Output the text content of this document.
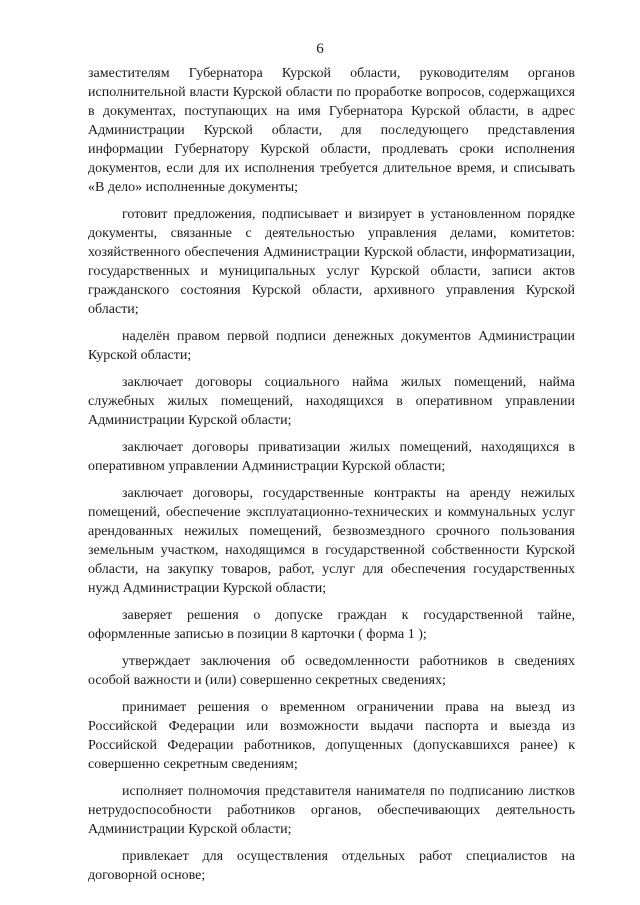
6

заместителям Губернатора Курской области, руководителям органов исполнительной власти Курской области по проработке вопросов, содержащихся в документах, поступающих на имя Губернатора Курской области, в адрес Администрации Курской области, для последующего представления информации Губернатору Курской области, продлевать сроки исполнения документов, если для их исполнения требуется длительное время, и списывать «В дело» исполненные документы;

готовит предложения, подписывает и визирует в установленном порядке документы, связанные с деятельностью управления делами, комитетов: хозяйственного обеспечения Администрации Курской области, информатизации, государственных и муниципальных услуг Курской области, записи актов гражданского состояния Курской области, архивного управления Курской области;

наделён правом первой подписи денежных документов Администрации Курской области;

заключает договоры социального найма жилых помещений, найма служебных жилых помещений, находящихся в оперативном управлении Администрации Курской области;

заключает договоры приватизации жилых помещений, находящихся в оперативном управлении Администрации Курской области;

заключает договоры, государственные контракты на аренду нежилых помещений, обеспечение эксплуатационно-технических и коммунальных услуг арендованных нежилых помещений, безвозмездного срочного пользования земельным участком, находящимся в государственной собственности Курской области, на закупку товаров, работ, услуг для обеспечения государственных нужд Администрации Курской области;

заверяет решения о допуске граждан к государственной тайне, оформленные записью в позиции 8 карточки ( форма 1 );

утверждает заключения об осведомленности работников в сведениях особой важности и (или) совершенно секретных сведениях;

принимает решения о временном ограничении права на выезд из Российской Федерации или возможности выдачи паспорта и выезда из Российской Федерации работников, допущенных (допускавшихся ранее) к совершенно секретным сведениям;

исполняет полномочия представителя нанимателя по подписанию листков нетрудоспособности работников органов, обеспечивающих деятельность Администрации Курской области;

привлекает для осуществления отдельных работ специалистов на договорной основе;
